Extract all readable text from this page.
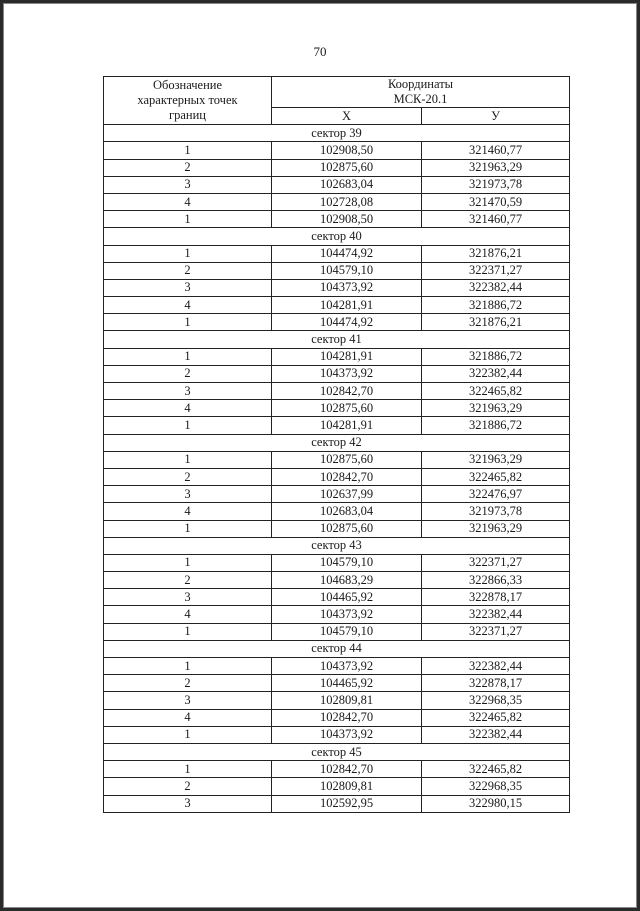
70
Обозначение
характерных точек
границ	Координаты
МСК-20.1	
	X	У
сектор 39		
1	102908,50	321460,77
2	102875,60	321963,29
3	102683,04	321973,78
4	102728,08	321470,59
1	102908,50	321460,77
сектор 40		
1	104474,92	321876,21
2	104579,10	322371,27
3	104373,92	322382,44
4	104281,91	321886,72
1	104474,92	321876,21
сектор 41		
1	104281,91	321886,72
2	104373,92	322382,44
3	102842,70	322465,82
4	102875,60	321963,29
1	104281,91	321886,72
сектор 42		
1	102875,60	321963,29
2	102842,70	322465,82
3	102637,99	322476,97
4	102683,04	321973,78
1	102875,60	321963,29
сектор 43		
1	104579,10	322371,27
2	104683,29	322866,33
3	104465,92	322878,17
4	104373,92	322382,44
1	104579,10	322371,27
сектор 44		
1	104373,92	322382,44
2	104465,92	322878,17
3	102809,81	322968,35
4	102842,70	322465,82
1	104373,92	322382,44
сектор 45		
1	102842,70	322465,82
2	102809,81	322968,35
3	102592,95	322980,15
